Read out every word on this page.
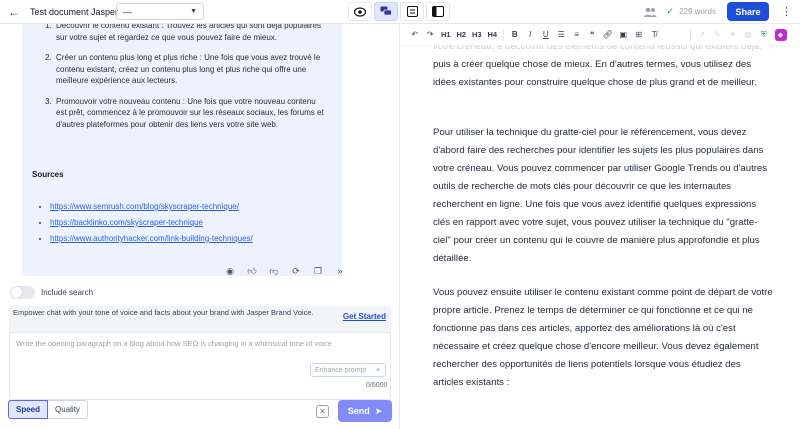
← Test document Jasper —	▼	✓ 229 words	Share	⋮
1. Découvrir le contenu existant : Trouvez les articles qui sont déjà populaires sur votre sujet et regardez ce que vous pouvez faire de mieux.
2. Créer un contenu plus long et plus riche : Une fois que vous avez trouvé le contenu existant, créez un contenu plus long et plus riche qui offre une meilleure expérience aux lecteurs.
3. Promouvoir votre nouveau contenu : Une fois que votre nouveau contenu est prêt, commencez à le promouvoir sur les réseaux sociaux, les forums et d'autres plateformes pour obtenir des liens vers votre site web.
Sources
• https://www.semrush.com/blog/skyscraper-technique/
• https://backlinko.com/skyscraper-technique
• https://www.authorityhacker.com/link-building-techniques/
◉	👍︎	👎︎	⟳	❐	»
Include search
Empower chat with your tone of voice and facts about your brand with Jasper Brand Voice.	Get Started
Write the opening paragraph on a blog about how SEO is changing in a whimsical tone of voice
Enhance prompt ✦
0/6000
Speed	Quality	✕	Send ➤
↶	↷ H1 H2 H3 H4	B	I	U	☰	≡	❝	🔗︎ ▣	⊞	T̸	↗	✎	✦	◍	⛨	◆

puis à créer quelque chose de mieux. En d'autres termes, vous utilisez des idées existantes pour construire quelque chose de plus grand et de meilleur.

Pour utiliser la technique du gratte-ciel pour le référencement, vous devez d'abord faire des recherches pour identifier les sujets les plus populaires dans votre créneau. Vous pouvez commencer par utiliser Google Trends ou d'autres outils de recherche de mots clés pour découvrir ce que les internautes recherchent en ligne. Une fois que vous avez identifié quelques expressions clés en rapport avec votre sujet, vous pouvez utiliser la technique du "gratte-ciel" pour créer un contenu qui le couvre de manière plus approfondie et plus détaillée.

Vous pouvez ensuite utiliser le contenu existant comme point de départ de votre propre article. Prenez le temps de déterminer ce qui fonctionne et ce qui ne fonctionne pas dans ces articles, apportez des améliorations là où c'est nécessaire et créez quelque chose d'encore meilleur. Vous devez également rechercher des opportunités de liens potentiels lorsque vous étudiez des articles existants :
